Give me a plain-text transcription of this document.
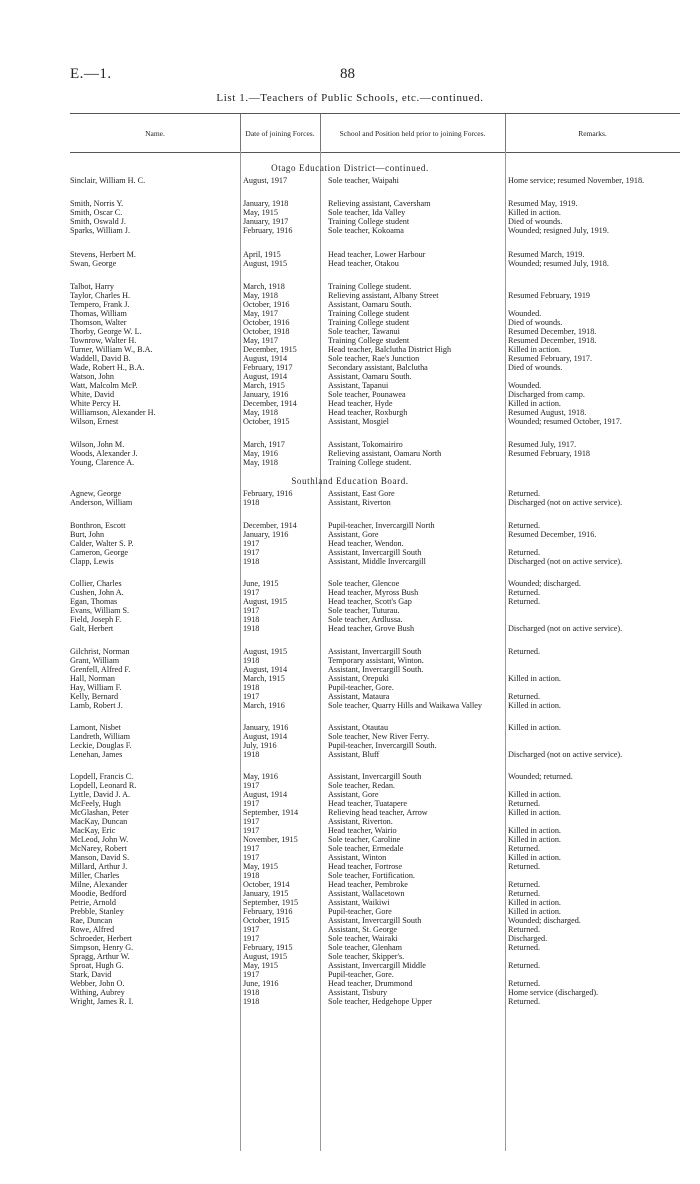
E.—1.	88
List 1.—Teachers of Public Schools, etc.—continued.
Name.	Date of joining Forces.	School and Position held prior to joining Forces.	Remarks.
Otago Education District—continued.
Sinclair, William H. C.	August, 1917	Sole teacher, Waipahi	Home service; resumed November, 1918.
Smith, Norris Y.	January, 1918	Relieving assistant, Caversham	Resumed May, 1919.
Smith, Oscar C.	May, 1915	Sole teacher, Ida Valley	Killed in action.
Smith, Oswald J.	January, 1917	Training College student	Died of wounds.
Sparks, William J.	February, 1916	Sole teacher, Kokoama	Wounded; resigned July, 1919.
Stevens, Herbert M.	April, 1915	Head teacher, Lower Harbour	Resumed March, 1919.
Swan, George	August, 1915	Head teacher, Otakou	Wounded; resumed July, 1918.
Talbot, Harry	March, 1918	Training College student.
Taylor, Charles H.	May, 1918	Relieving assistant, Albany Street	Resumed February, 1919
Tempero, Frank J.	October, 1916	Assistant, Oamaru South.
Thomas, William	May, 1917	Training College student	Wounded.
Thomson, Walter	October, 1916	Training College student	Died of wounds.
Thorby, George W. L.	October, 1918	Sole teacher, Tawanui	Resumed December, 1918.
Townrow, Walter H.	May, 1917	Training College student	Resumed December, 1918.
Turner, William W., B.A.	December, 1915	Head teacher, Balclutha District High	Killed in action.
Waddell, David B.	August, 1914	Sole teacher, Rae's Junction	Resumed February, 1917.
Wade, Robert H., B.A.	February, 1917	Secondary assistant, Balclutha	Died of wounds.
Watson, John	August, 1914	Assistant, Oamaru South.
Watt, Malcolm McP.	March, 1915	Assistant, Tapanui	Wounded.
White, David	January, 1916	Sole teacher, Pounawea	Discharged from camp.
White Percy H.	December, 1914	Head teacher, Hyde	Killed in action.
Williamson, Alexander H.	May, 1918	Head teacher, Roxburgh	Resumed August, 1918.
Wilson, Ernest	October, 1915	Assistant, Mosgiel	Wounded; resumed October, 1917.
Wilson, John M.	March, 1917	Assistant, Tokomairiro	Resumed July, 1917.
Woods, Alexander J.	May, 1916	Relieving assistant, Oamaru North	Resumed February, 1918
Young, Clarence A.	May, 1918	Training College student.
Southland Education Board.
Agnew, George	February, 1916	Assistant, East Gore	Returned.
Anderson, William	1918	Assistant, Riverton	Discharged (not on active service).
Bonthron, Escott	December, 1914	Pupil-teacher, Invercargill North	Returned.
Burt, John	January, 1916	Assistant, Gore	Resumed December, 1916.
Calder, Walter S. P.	1917	Head teacher, Wendon.
Cameron, George	1917	Assistant, Invercargill South	Returned.
Clapp, Lewis	1918	Assistant, Middle Invercargill	Discharged (not on active service).
Collier, Charles	June, 1915	Sole teacher, Glencoe	Wounded; discharged.
Cushen, John A.	1917	Head teacher, Myross Bush	Returned.
Egan, Thomas	August, 1915	Head teacher, Scott's Gap	Returned.
Evans, William S.	1917	Sole teacher, Tuturau.
Field, Joseph F.	1918	Sole teacher, Ardlussa.
Galt, Herbert	1918	Head teacher, Grove Bush	Discharged (not on active service).
Gilchrist, Norman	August, 1915	Assistant, Invercargill South	Returned.
Grant, William	1918	Temporary assistant, Winton.
Grenfell, Alfred F.	August, 1914	Assistant, Invercargill South.
Hall, Norman	March, 1915	Assistant, Orepuki	Killed in action.
Hay, William F.	1918	Pupil-teacher, Gore.
Kelly, Bernard	1917	Assistant, Mataura	Returned.
Lamb, Robert J.	March, 1916	Sole teacher, Quarry Hills and Waikawa Valley	Killed in action.
Lamont, Nisbet	January, 1916	Assistant, Otautau	Killed in action.
Landreth, William	August, 1914	Sole teacher, New River Ferry.
Leckie, Douglas F.	July, 1916	Pupil-teacher, Invercargill South.
Lenehan, James	1918	Assistant, Bluff	Discharged (not on active service).
Lopdell, Francis C.	May, 1916	Assistant, Invercargill South	Wounded; returned.
Lopdell, Leonard R.	1917	Sole teacher, Redan.
Lyttle, David J. A.	August, 1914	Assistant, Gore	Killed in action.
McFeely, Hugh	1917	Head teacher, Tuatapere	Returned.
McGlashan, Peter	September, 1914	Relieving head teacher, Arrow	Killed in action.
MacKay, Duncan	1917	Assistant, Riverton.
MacKay, Eric	1917	Head teacher, Wairio	Killed in action.
McLeod, John W.	November, 1915	Sole teacher, Caroline	Killed in action.
McNarey, Robert	1917	Sole teacher, Ermedale	Returned.
Manson, David S.	1917	Assistant, Winton	Killed in action.
Millard, Arthur J.	May, 1915	Head teacher, Fortrose	Returned.
Miller, Charles	1918	Sole teacher, Fortification.
Milne, Alexander	October, 1914	Head teacher, Pembroke	Returned.
Moodie, Bedford	January, 1915	Assistant, Wallacetown	Returned.
Petrie, Arnold	September, 1915	Assistant, Waikiwi	Killed in action.
Prebble, Stanley	February, 1916	Pupil-teacher, Gore	Killed in action.
Rae, Duncan	October, 1915	Assistant, Invercargill South	Wounded; discharged.
Rowe, Alfred	1917	Assistant, St. George	Returned.
Schroeder, Herbert	1917	Sole teacher, Wairaki	Discharged.
Simpson, Henry G.	February, 1915	Sole teacher, Glenham	Returned.
Spragg, Arthur W.	August, 1915	Sole teacher, Skipper's.
Sproat, Hugh G.	May, 1915	Assistant, Invercargill Middle	Returned.
Stark, David	1917	Pupil-teacher, Gore.
Webber, John O.	June, 1916	Head teacher, Drummond	Returned.
Withing, Aubrey	1918	Assistant, Tisbury	Home service (discharged).
Wright, James R. I.	1918	Sole teacher, Hedgehope Upper	Returned.
